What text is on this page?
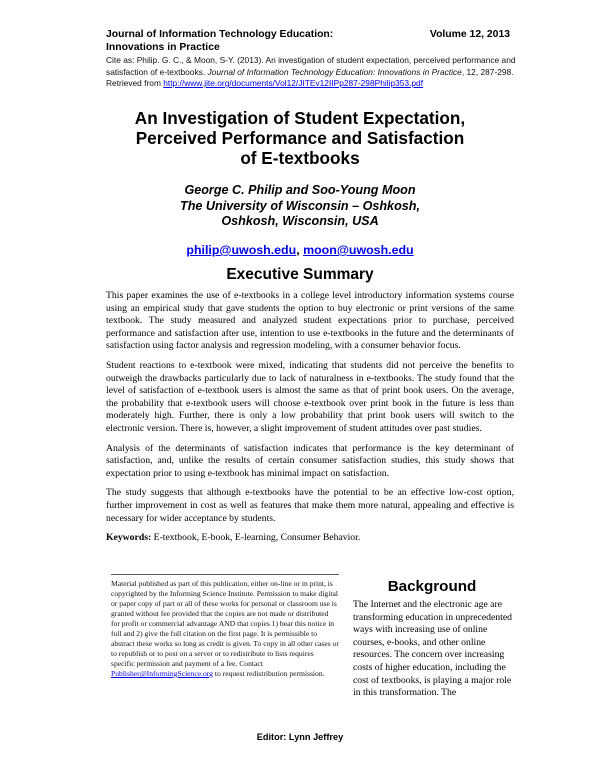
Journal of Information Technology Education:
Innovations in Practice
Volume 12, 2013
Cite as: Philip. G. C., & Moon, S-Y. (2013). An investigation of student expectation, perceived performance and satisfaction of e-textbooks. Journal of Information Technology Education: Innovations in Practice, 12, 287-298. Retrieved from http://www.jite.org/documents/Vol12/JITEv12IIPp287-298Philip353.pdf
An Investigation of Student Expectation,
Perceived Performance and Satisfaction
of E-textbooks
George C. Philip and Soo-Young Moon
The University of Wisconsin – Oshkosh,
Oshkosh, Wisconsin, USA
philip@uwosh.edu, moon@uwosh.edu
Executive Summary

This paper examines the use of e-textbooks in a college level introductory information systems course using an empirical study that gave students the option to buy electronic or print versions of the same textbook. The study measured and analyzed student expectations prior to purchase, perceived performance and satisfaction after use, intention to use e-textbooks in the future and the determinants of satisfaction using factor analysis and regression modeling, with a consumer behavior focus.

Student reactions to e-textbook were mixed, indicating that students did not perceive the benefits to outweigh the drawbacks particularly due to lack of naturalness in e-textbooks. The study found that the level of satisfaction of e-textbook users is almost the same as that of print book users. On the average, the probability that e-textbook users will choose e-textbook over print book in the future is less than moderately high. Further, there is only a low probability that print book users will switch to the electronic version. There is, however, a slight improvement of student attitudes over past studies.

Analysis of the determinants of satisfaction indicates that performance is the key determinant of satisfaction, and, unlike the results of certain consumer satisfaction studies, this study shows that expectation prior to using e-textbook has minimal impact on satisfaction.

The study suggests that although e-textbooks have the potential to be an effective low-cost option, further improvement in cost as well as features that make them more natural, appealing and effective is necessary for wider acceptance by students.

Keywords: E-textbook, E-book, E-learning, Consumer Behavior.

Material published as part of this publication, either on-line or in print, is copyrighted by the Informing Science Institute. Permission to make digital or paper copy of part or all of these works for personal or classroom use is granted without fee provided that the copies are not made or distributed for profit or commercial advantage AND that copies 1) bear this notice in full and 2) give the full citation on the first page. It is permissible to abstract these works so long as credit is given. To copy in all other cases or to republish or to post on a server or to redistribute to lists requires specific permission and payment of a fee. Contact Publisher@InformingScience.org to request redistribution permission.
Background
The Internet and the electronic age are transforming education in unprecedented ways with increasing use of online courses, e-books, and other online resources. The concern over increasing costs of higher education, including the cost of textbooks, is playing a major role in this transformation. The
Editor: Lynn Jeffrey
